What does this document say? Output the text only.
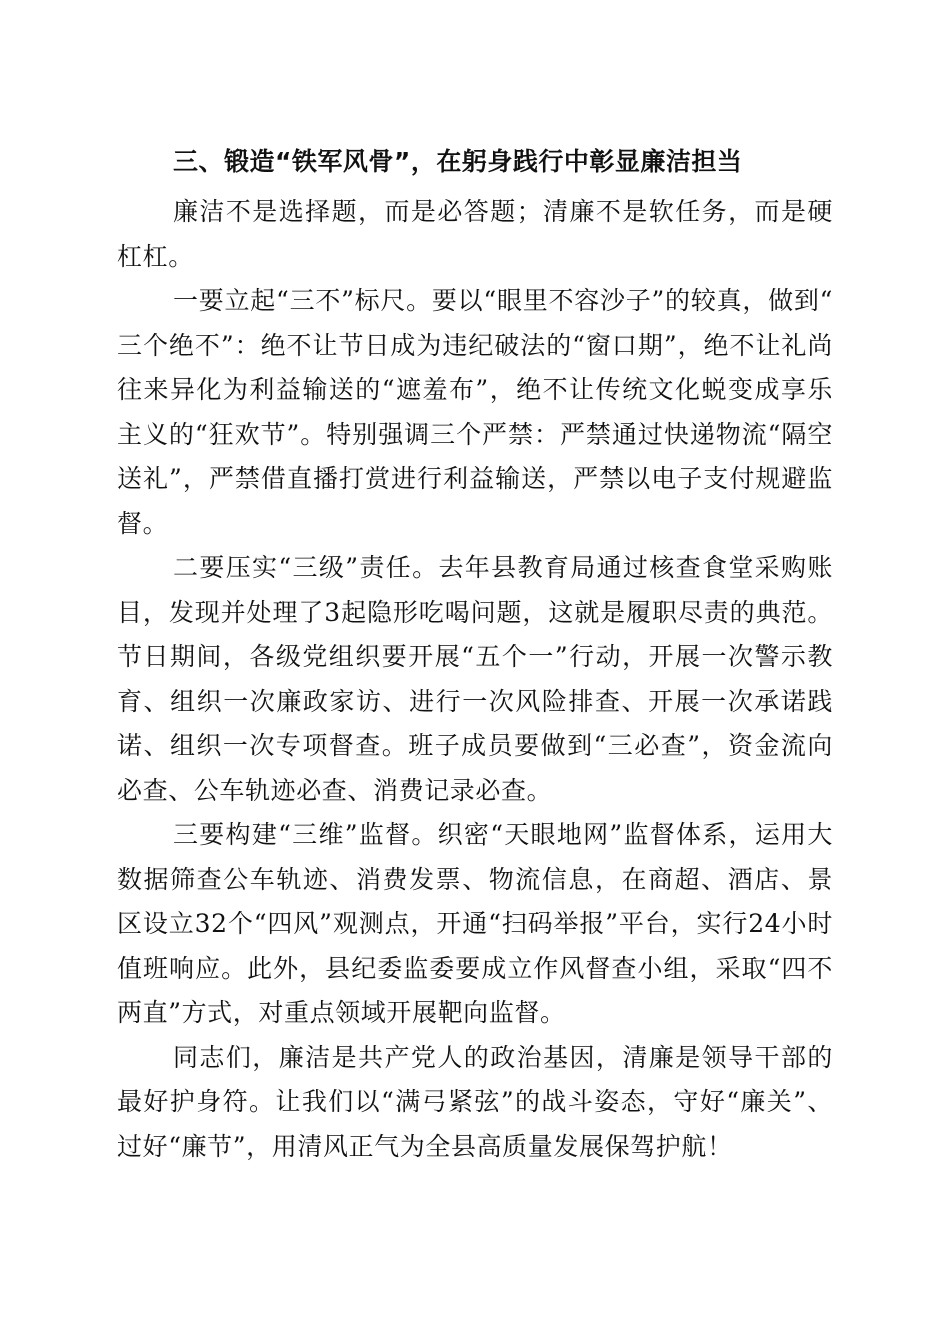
三、锻造“铁军风骨”，在躬身践行中彰显廉洁担当

廉洁不是选择题，而是必答题；清廉不是软任务，而是硬杠杠。

一要立起“三不”标尺。要以“眼里不容沙子”的较真，做到“三个绝不”：绝不让节日成为违纪破法的“窗口期”，绝不让礼尚往来异化为利益输送的“遮羞布”，绝不让传统文化蜕变成享乐主义的“狂欢节”。特别强调三个严禁：严禁通过快递物流“隔空送礼”，严禁借直播打赏进行利益输送，严禁以电子支付规避监督。

二要压实“三级”责任。去年县教育局通过核查食堂采购账目，发现并处理了3起隐形吃喝问题，这就是履职尽责的典范。节日期间，各级党组织要开展“五个一”行动，开展一次警示教育、组织一次廉政家访、进行一次风险排查、开展一次承诺践诺、组织一次专项督查。班子成员要做到“三必查”，资金流向必查、公车轨迹必查、消费记录必查。

三要构建“三维”监督。织密“天眼地网”监督体系，运用大数据筛查公车轨迹、消费发票、物流信息，在商超、酒店、景区设立32个“四风”观测点，开通“扫码举报”平台，实行24小时值班响应。此外，县纪委监委要成立作风督查小组，采取“四不两直”方式，对重点领域开展靶向监督。

同志们，廉洁是共产党人的政治基因，清廉是领导干部的最好护身符。让我们以“满弓紧弦”的战斗姿态，守好“廉关”、过好“廉节”，用清风正气为全县高质量发展保驾护航！
